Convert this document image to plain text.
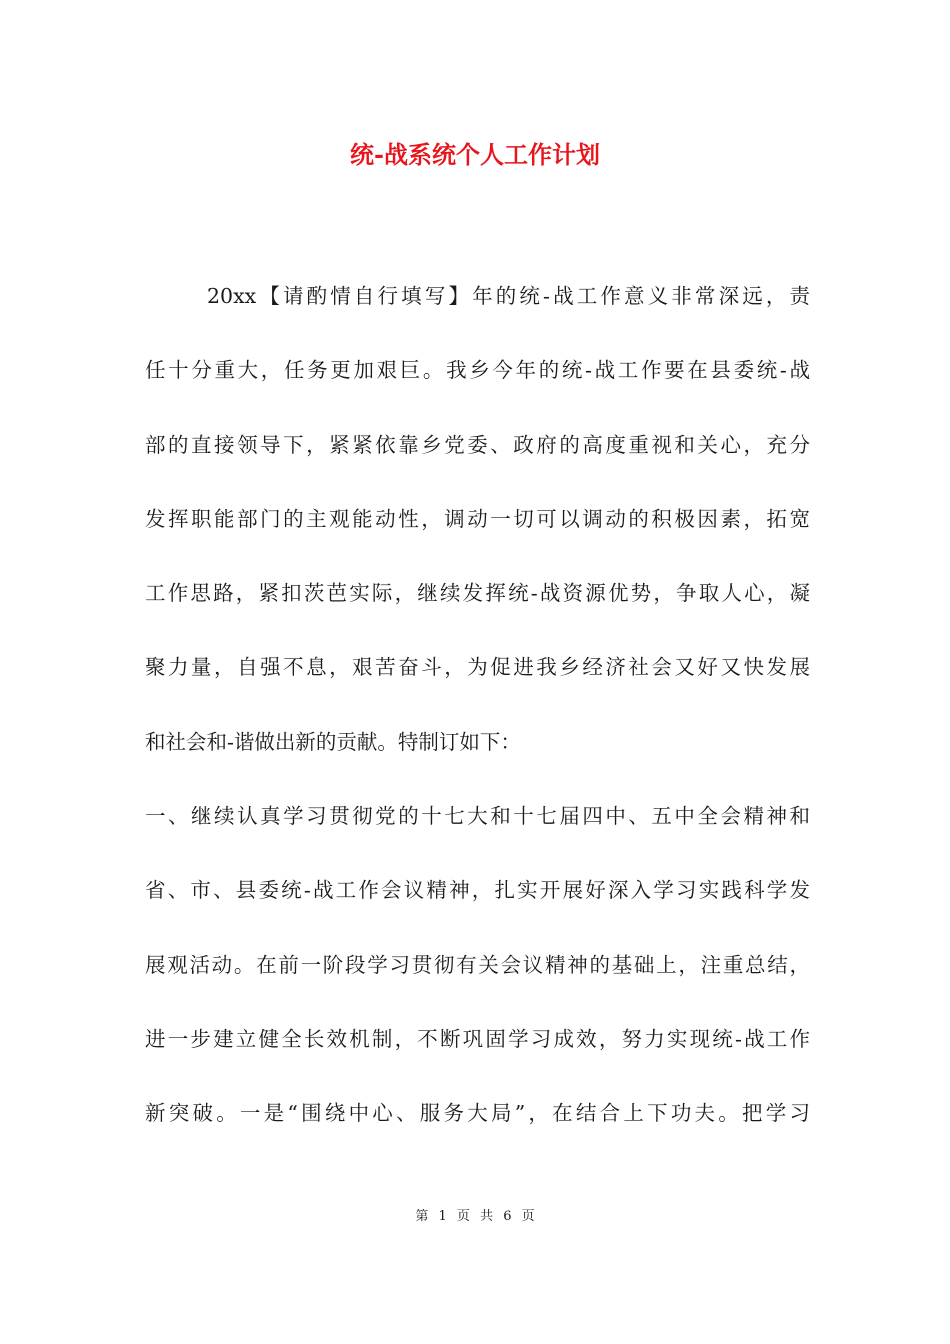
统-战系统个人工作计划

20xx【请酌情自行填写】年的统-战工作意义非常深远，责

任十分重大，任务更加艰巨。我乡今年的统-战工作要在县委统-战

部的直接领导下，紧紧依靠乡党委、政府的高度重视和关心，充分

发挥职能部门的主观能动性，调动一切可以调动的积极因素，拓宽

工作思路，紧扣茨芭实际，继续发挥统-战资源优势，争取人心，凝

聚力量，自强不息，艰苦奋斗，为促进我乡经济社会又好又快发展

和社会和-谐做出新的贡献。特制订如下：

一、继续认真学习贯彻党的十七大和十七届四中、五中全会精神和

省、市、县委统-战工作会议精神，扎实开展好深入学习实践科学发

展观活动。在前一阶段学习贯彻有关会议精神的基础上，注重总结，

进一步建立健全长效机制，不断巩固学习成效，努力实现统-战工作

新突破。一是“围绕中心、服务大局”，在结合上下功夫。把学习

第 1 页 共 6 页
